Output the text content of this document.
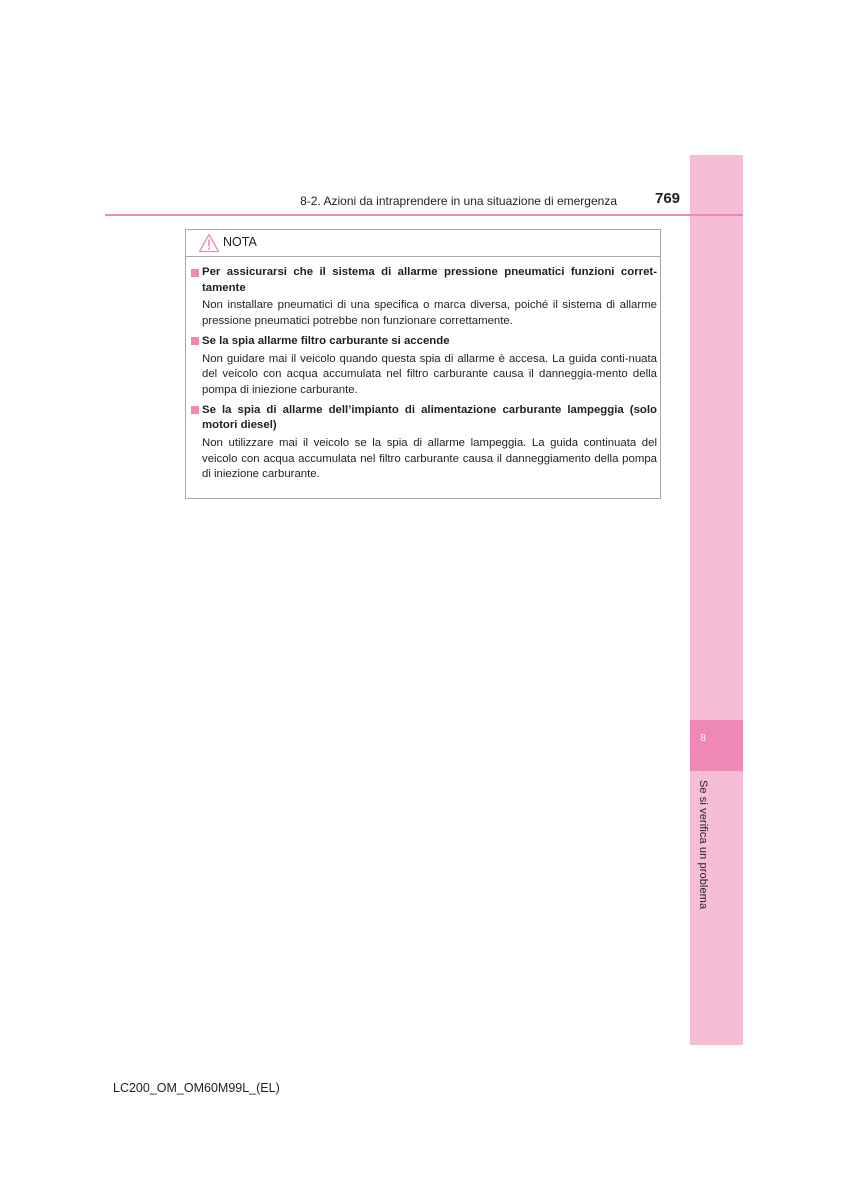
8
Se si verifica un problema
8-2. Azioni da intraprendere in una situazione di emergenza	769
NOTA
Per assicurarsi che il sistema di allarme pressione pneumatici funzioni corret-tamente
Non installare pneumatici di una specifica o marca diversa, poiché il sistema di allarme pressione pneumatici potrebbe non funzionare correttamente.
Se la spia allarme filtro carburante si accende
Non guidare mai il veicolo quando questa spia di allarme è accesa. La guida conti-nuata del veicolo con acqua accumulata nel filtro carburante causa il danneggia-mento della pompa di iniezione carburante.
Se la spia di allarme dell’impianto di alimentazione carburante lampeggia (solo motori diesel)
Non utilizzare mai il veicolo se la spia di allarme lampeggia. La guida continuata del veicolo con acqua accumulata nel filtro carburante causa il danneggiamento della pompa di iniezione carburante.
LC200_OM_OM60M99L_(EL)
